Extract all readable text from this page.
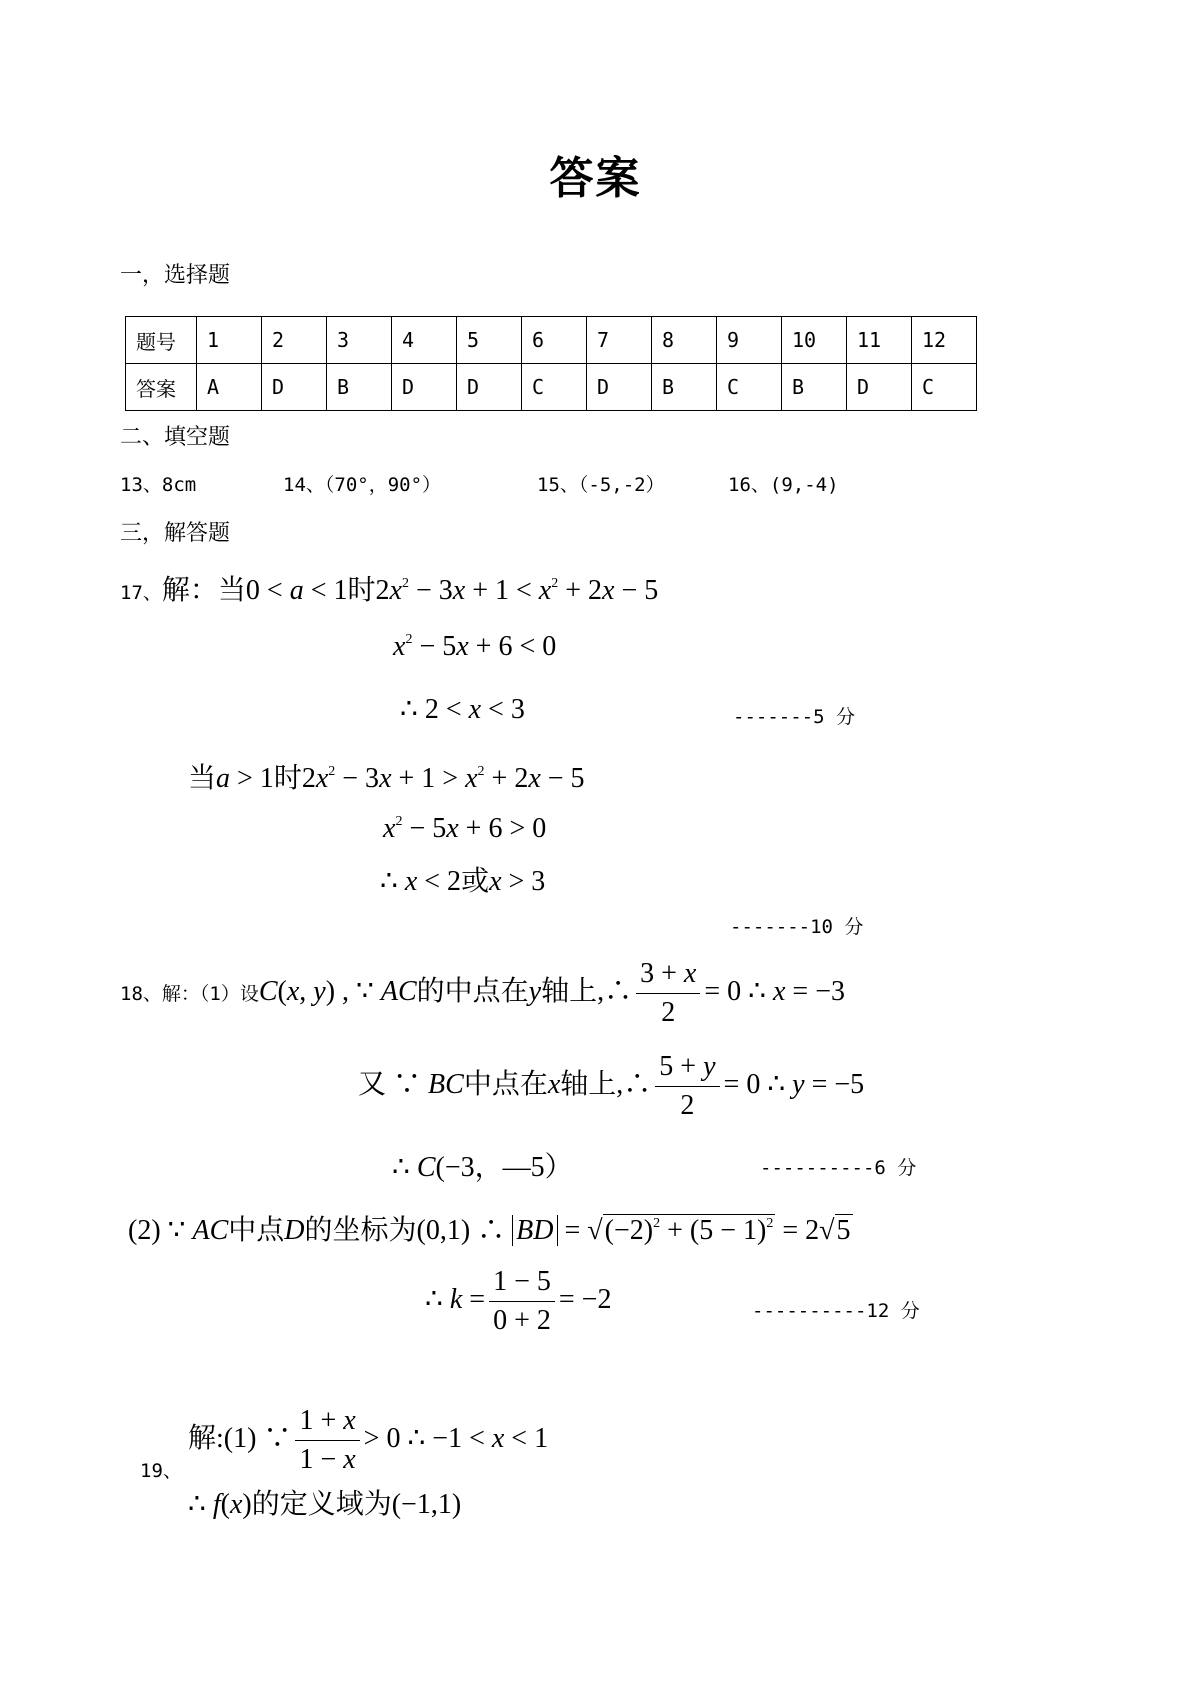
答案
一，选择题
题号	1	2	3	4	5	6	7	8	9	10	11	12
答案	A	D	B	D	D	C	D	B	C	B	D	C
二、填空题
13、8cm	14、（70°，90°）	15、（-5,-2）	16、(9,-4)
三，解答题
17、解：当0 < a < 1时$2x^2 - 3x + 1 < x^2 + 2x - 5$
$x^2 - 5x + 6 < 0$
∴ 2 < x < 3	-------5 分
当a > 1时$2x^2 - 3x + 1 > x^2 + 2x - 5$
$x^2 - 5x + 6 > 0$
∴ x < 2或x > 3
-------10 分
18、解：（1）设C(x, y) , ∵ AC的中点在y轴上,∴ $\frac{3 + x}{2} = 0$ ∴ x = −3
又 ∵ BC中点在x轴上,∴ $\frac{5 + y}{2} = 0$ ∴ y = −5
∴ C(−3，—5）	----------6 分
(2) ∵ AC中点D的坐标为(0,1) ∴ BD = $√(-2)^2 + (5 - 1)^2 = 2√5$
∴ $k = \frac{1 - 5}{0 + 2} = -2$	----------12 分
19、
解:(1) ∵ $\frac{1 + x}{1 - x} > 0$ ∴ −1 < x < 1
∴ f(x)的定义域为(−1,1)
